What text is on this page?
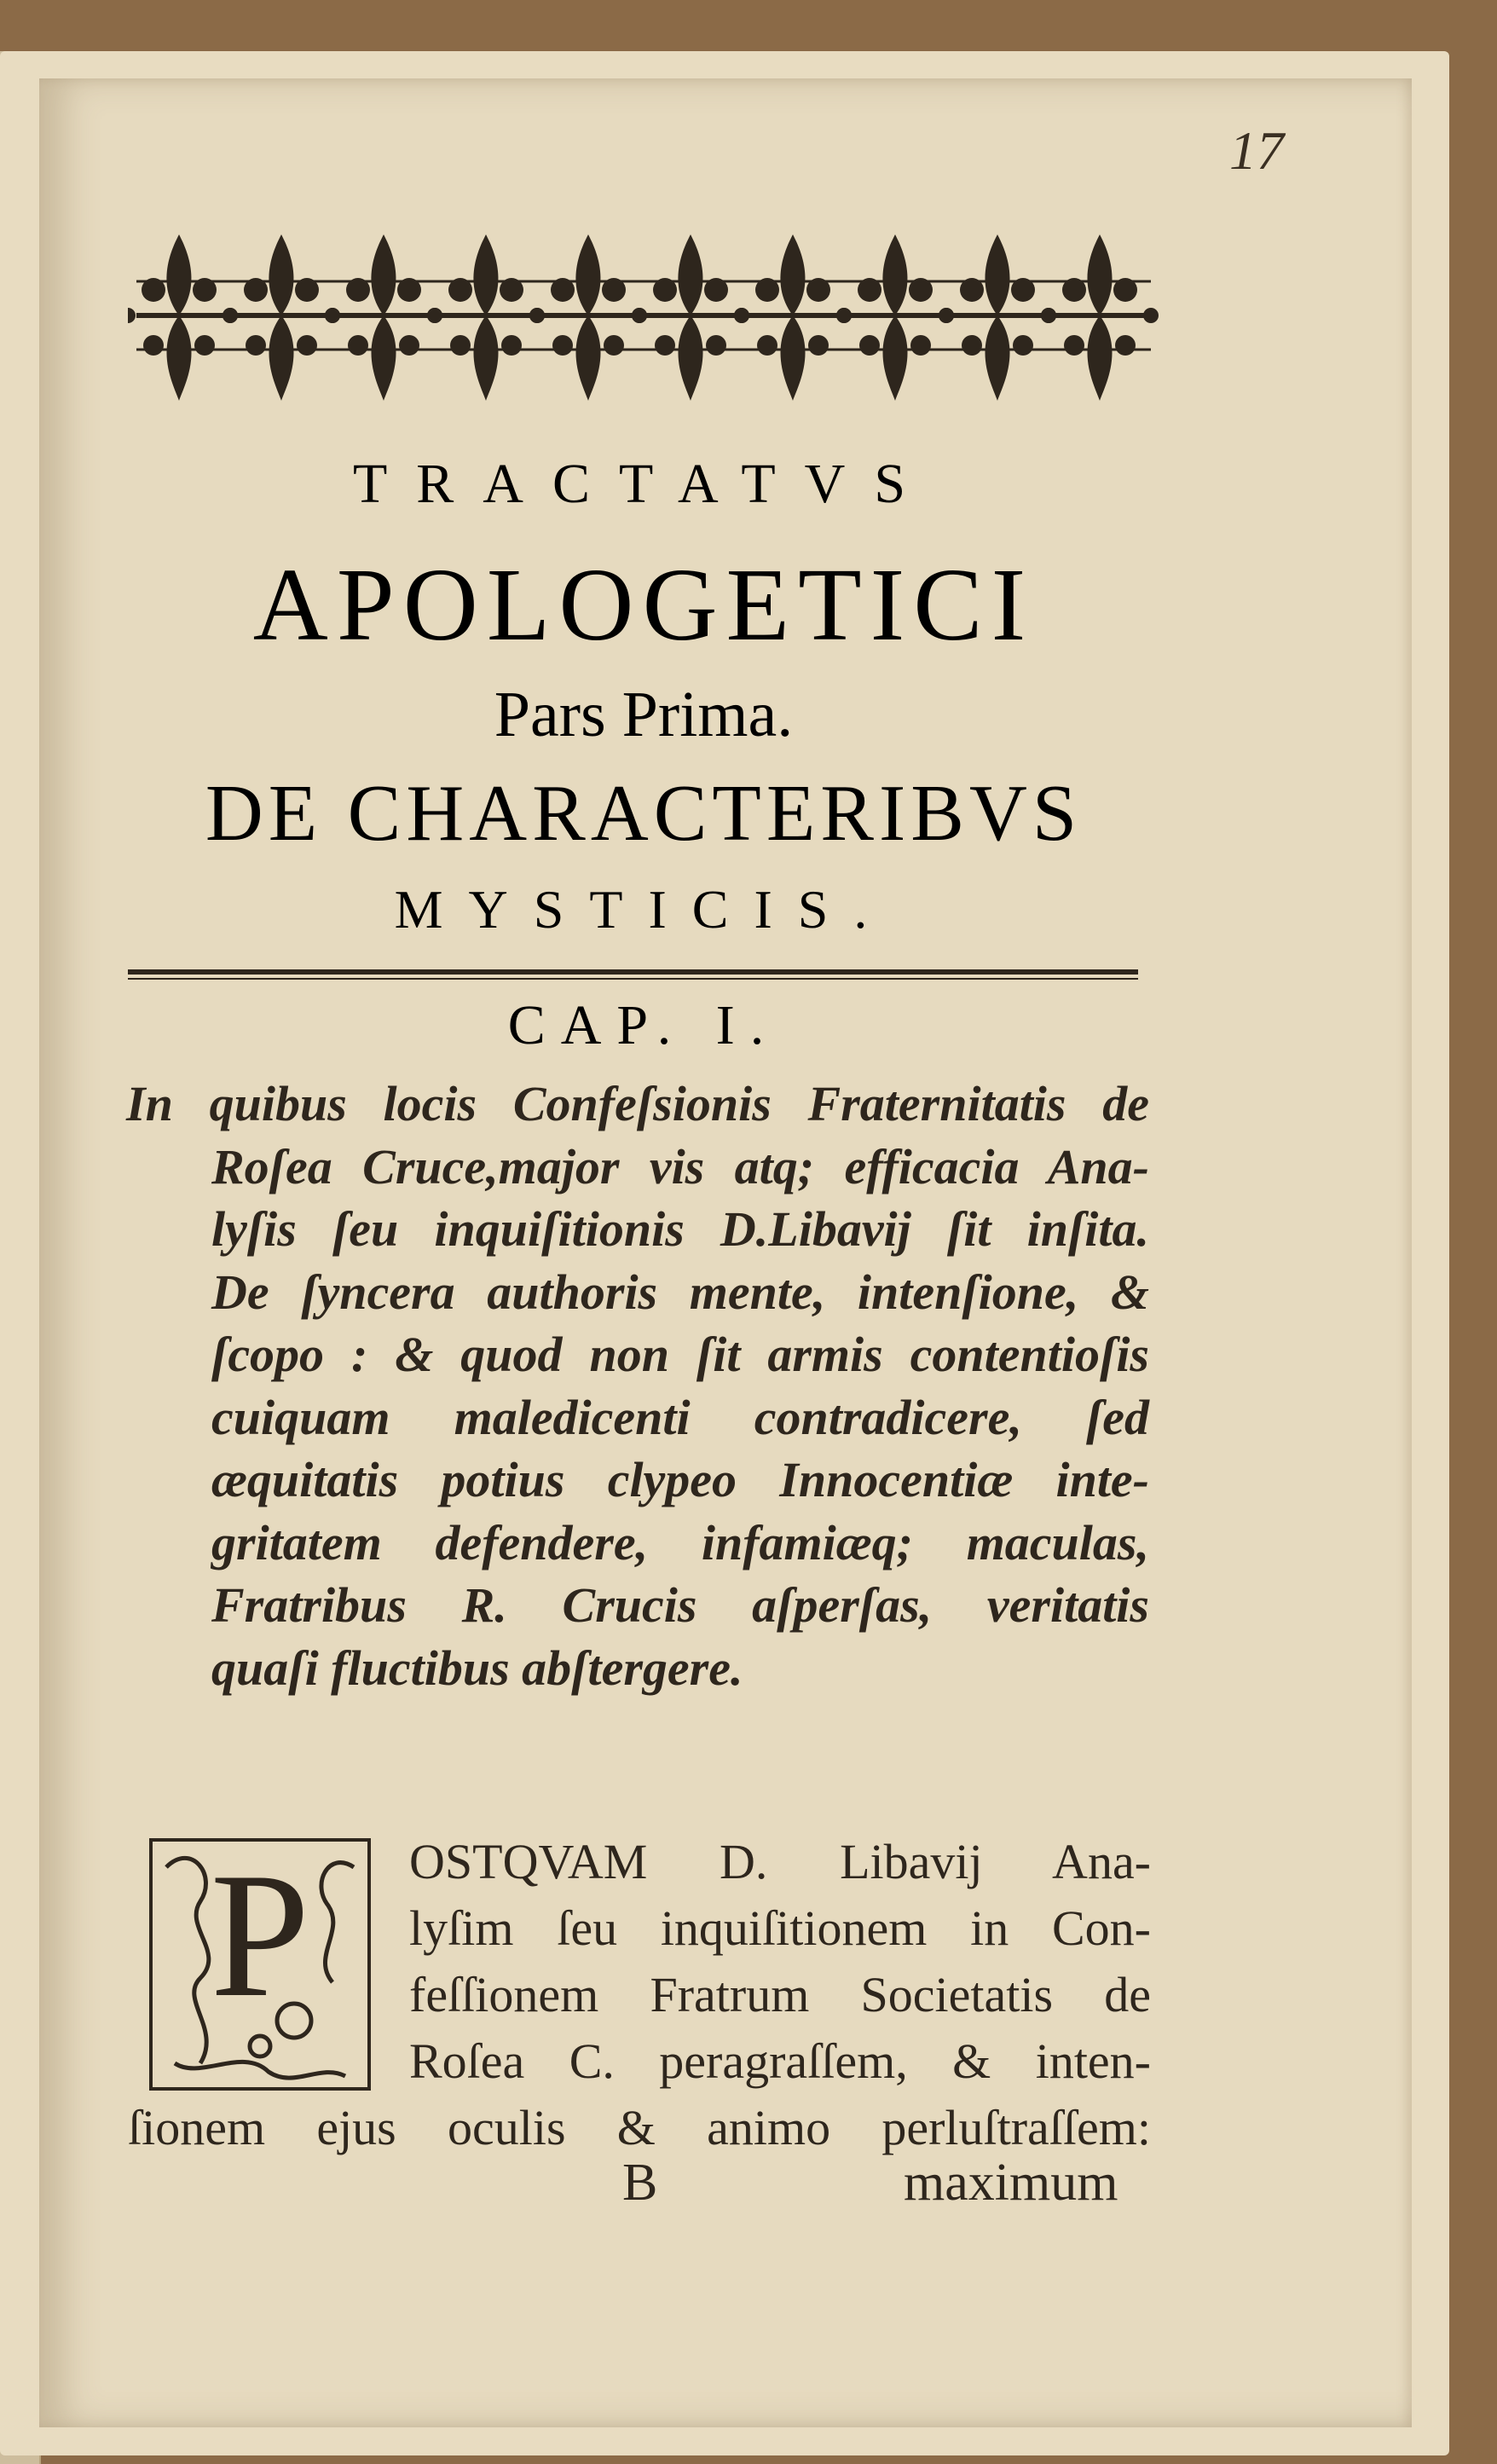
17
TRACTATVS
APOLOGETICI
Pars Prima.
DE CHARACTERIBVS
MYSTICIS.
CAP. I.
In quibus locis Confeſsionis Fraternitatis de
Roſea Cruce,major vis atq; efficacia Ana-
lyſis ſeu inquiſitionis D.Libavij ſit inſita.
De ſyncera authoris mente, intenſione, &
ſcopo : & quod non ſit armis contentioſis
cuiquam maledicenti contradicere, ſed
æquitatis potius clypeo Innocentiæ inte-
gritatem defendere, infamiæq; maculas,
Fratribus R. Crucis aſperſas, veritatis
quaſi fluctibus abſtergere.
P	OSTQVAM D. Libavij Ana-
lyſim ſeu inquiſitionem in Con-
feſſionem Fratrum Societatis de
Roſea C. peragraſſem, & inten-
ſionem ejus oculis & animo perluſtraſſem:
B	maximum
